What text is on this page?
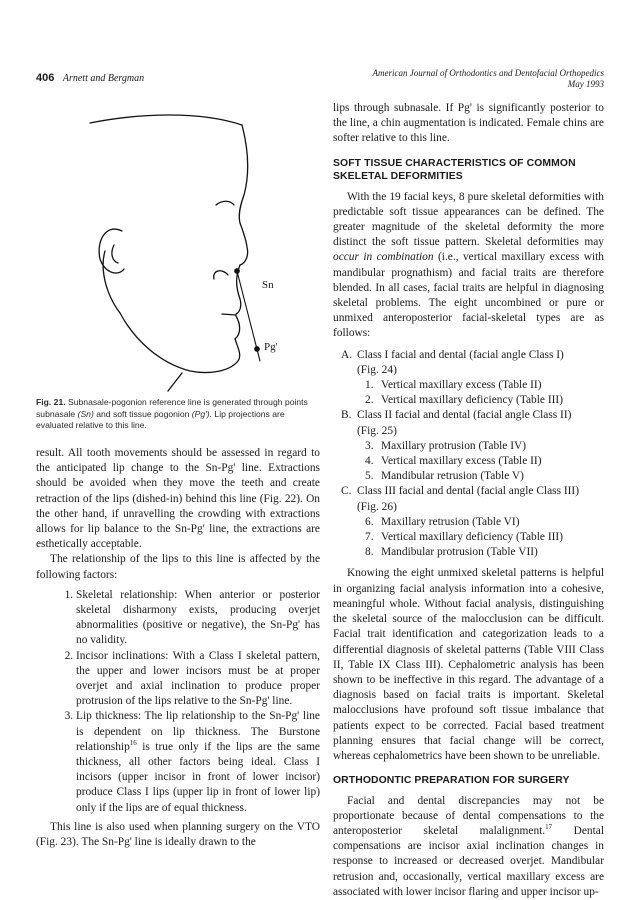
406 Arnett and Bergman	American Journal of Orthodontics and Dentofacial Orthopedics
May 1993
Sn
Pg'
Fig. 21. Subnasale-pogonion reference line is generated through points subnasale (Sn) and soft tissue pogonion (Pg'). Lip projections are evaluated relative to this line.

result. All tooth movements should be assessed in regard to the anticipated lip change to the Sn-Pg' line. Extractions should be avoided when they move the teeth and create retraction of the lips (dished-in) behind this line (Fig. 22). On the other hand, if unravelling the crowding with extractions allows for lip balance to the Sn-Pg' line, the extractions are esthetically acceptable.

The relationship of the lips to this line is affected by the following factors:

1. Skeletal relationship: When anterior or posterior skeletal disharmony exists, producing overjet abnormalities (positive or negative), the Sn-Pg' has no validity.
2. Incisor inclinations: With a Class I skeletal pattern, the upper and lower incisors must be at proper overjet and axial inclination to produce proper protrusion of the lips relative to the Sn-Pg' line.
3. Lip thickness: The lip relationship to the Sn-Pg' line is dependent on lip thickness. The Burstone relationship$^{16}$ is true only if the lips are the same thickness, all other factors being ideal. Class I incisors (upper incisor in front of lower incisor) produce Class I lips (upper lip in front of lower lip) only if the lips are of equal thickness.

This line is also used when planning surgery on the VTO (Fig. 23). The Sn-Pg' line is ideally drawn to the

lips through subnasale. If Pg' is significantly posterior to the line, a chin augmentation is indicated. Female chins are softer relative to this line.

SOFT TISSUE CHARACTERISTICS OF COMMON SKELETAL DEFORMITIES

With the 19 facial keys, 8 pure skeletal deformities with predictable soft tissue appearances can be defined. The greater magnitude of the skeletal deformity the more distinct the soft tissue pattern. Skeletal deformities may occur in combination (i.e., vertical maxillary excess with mandibular prognathism) and facial traits are therefore blended. In all cases, facial traits are helpful in diagnosing skeletal problems. The eight uncombined or pure or unmixed anteroposterior facial-skeletal types are as follows:

A. Class I facial and dental (facial angle Class I)
(Fig. 24)
1. Vertical maxillary excess (Table II)
2. Vertical maxillary deficiency (Table III)
B. Class II facial and dental (facial angle Class II)
(Fig. 25)
3. Maxillary protrusion (Table IV)
4. Vertical maxillary excess (Table II)
5. Mandibular retrusion (Table V)
C. Class III facial and dental (facial angle Class III)
(Fig. 26)
6. Maxillary retrusion (Table VI)
7. Vertical maxillary deficiency (Table III)
8. Mandibular protrusion (Table VII)

Knowing the eight unmixed skeletal patterns is helpful in organizing facial analysis information into a cohesive, meaningful whole. Without facial analysis, distinguishing the skeletal source of the malocclusion can be difficult. Facial trait identification and categorization leads to a differential diagnosis of skeletal patterns (Table VIII Class II, Table IX Class III). Cephalometric analysis has been shown to be ineffective in this regard. The advantage of a diagnosis based on facial traits is important. Skeletal malocclusions have profound soft tissue imbalance that patients expect to be corrected. Facial based treatment planning ensures that facial change will be correct, whereas cephalometrics have been shown to be unreliable.

ORTHODONTIC PREPARATION FOR SURGERY

Facial and dental discrepancies may not be proportionate because of dental compensations to the anteroposterior skeletal malalignment.$^{17}$ Dental compensations are incisor axial inclination changes in response to increased or decreased overjet. Mandibular retrusion and, occasionally, vertical maxillary excess are associated with lower incisor flaring and upper incisor up-
